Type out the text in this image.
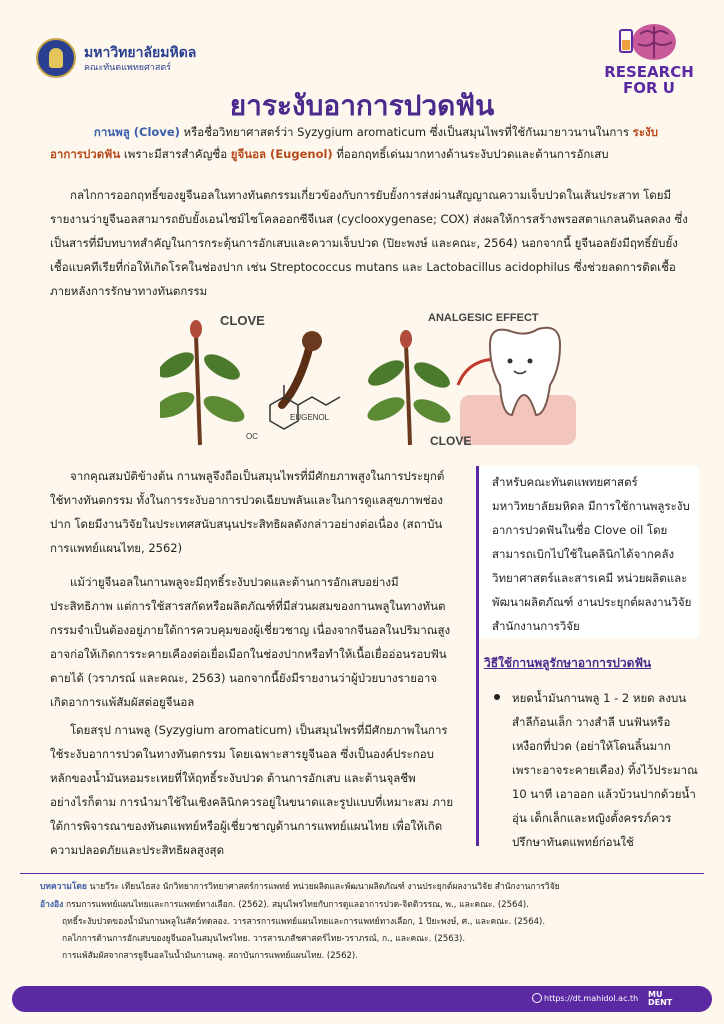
มหาวิทยาลัยมหิดล
คณะทันตแพทยศาสตร์	RESEARCH
FOR U
ยาระงับอาการปวดฟัน
กานพลู (Clove) หรือชื่อวิทยาศาสตร์ว่า Syzygium aromaticum ซึ่งเป็นสมุนไพรที่ใช้กันมายาวนานในการ ระงับอาการปวดฟัน เพราะมีสารสำคัญชื่อ ยูจีนอล (Eugenol) ที่ออกฤทธิ์เด่นมากทางด้านระงับปวดและต้านการอักเสบ
กลไกการออกฤทธิ์ของยูจีนอลในทางทันตกรรมเกี่ยวข้องกับการยับยั้งการส่งผ่านสัญญาณความเจ็บปวดในเส้นประสาท โดยมีรายงานว่ายูจีนอลสามารถยับยั้งเอนไซม์ไซโคลออกซีจีเนส (cyclooxygenase; COX) ส่งผลให้การสร้างพรอสตาแกลนดินลดลง ซึ่งเป็นสารที่มีบทบาทสำคัญในการกระตุ้นการอักเสบและความเจ็บปวด (ปิยะพงษ์ และคณะ, 2564) นอกจากนี้ ยูจีนอลยังมีฤทธิ์ยับยั้งเชื้อแบคทีเรียที่ก่อให้เกิดโรคในช่องปาก เช่น Streptococcus mutans และ Lactobacillus acidophilus ซึ่งช่วยลดการติดเชื้อภายหลังการรักษาทางทันตกรรม
CLOVE
EUGENOL
OC
ANALGESIC EFFECT
CLOVE
จากคุณสมบัติข้างต้น กานพลูจึงถือเป็นสมุนไพรที่มีศักยภาพสูงในการประยุกต์ใช้ทางทันตกรรม ทั้งในการระงับอาการปวดเฉียบพลันและในการดูแลสุขภาพช่องปาก โดยมีงานวิจัยในประเทศสนับสนุนประสิทธิผลดังกล่าวอย่างต่อเนื่อง (สถาบันการแพทย์แผนไทย, 2562)
แม้ว่ายูจีนอลในกานพลูจะมีฤทธิ์ระงับปวดและต้านการอักเสบอย่างมีประสิทธิภาพ แต่การใช้สารสกัดหรือผลิตภัณฑ์ที่มีส่วนผสมของกานพลูในทางทันตกรรมจำเป็นต้องอยู่ภายใต้การควบคุมของผู้เชี่ยวชาญ เนื่องจากจีนอลในปริมาณสูงอาจก่อให้เกิดการระคายเคืองต่อเยื่อเมือกในช่องปากหรือทำให้เนื้อเยื่ออ่อนรอบฟันตายได้ (วราภรณ์ และคณะ, 2563) นอกจากนี้ยังมีรายงานว่าผู้ป่วยบางรายอาจเกิดอาการแพ้สัมผัสต่อยูจีนอล
โดยสรุป กานพลู (Syzygium aromaticum) เป็นสมุนไพรที่มีศักยภาพในการใช้ระงับอาการปวดในทางทันตกรรม โดยเฉพาะสารยูจีนอล ซึ่งเป็นองค์ประกอบหลักของน้ำมันหอมระเหยที่ให้ฤทธิ์ระงับปวด ต้านการอักเสบ และต้านจุลชีพ อย่างไรก็ตาม การนำมาใช้ในเชิงคลินิกควรอยู่ในขนาดและรูปแบบที่เหมาะสม ภายใต้การพิจารณาของทันตแพทย์หรือผู้เชี่ยวชาญด้านการแพทย์แผนไทย เพื่อให้เกิดความปลอดภัยและประสิทธิผลสูงสุด
สำหรับคณะทันตแพทยศาสตร์ มหาวิทยาลัยมหิดล มีการใช้กานพลูระงับอาการปวดฟันในชื่อ Clove oil โดยสามารถเบิกไปใช้ในคลินิกได้จากคลังวิทยาศาสตร์และสารเคมี หน่วยผลิตและพัฒนาผลิตภัณฑ์ งานประยุกต์ผลงานวิจัย สำนักงานการวิจัย
วิธีใช้กานพลูรักษาอาการปวดฟัน
หยดน้ำมันกานพลู 1 - 2 หยด ลงบนสำลีก้อนเล็ก วางสำลี บนฟันหรือเหงือกที่ปวด (อย่าให้โดนลิ้นมาก เพราะอาจระคายเคือง) ทิ้งไว้ประมาณ 10 นาที เอาออก แล้วบ้วนปากด้วยน้ำอุ่น เด็กเล็กและหญิงตั้งครรภ์ควรปรึกษาทันตแพทย์ก่อนใช้
บทความโดย นายวีระ เทียนไธสง นักวิทยาการวิทยาศาสตร์การแพทย์ หน่วยผลิตและพัฒนาผลิตภัณฑ์ งานประยุกต์ผลงานวิจัย สำนักงานการวิจัย
อ้างอิง กรมการแพทย์แผนไทยและการแพทย์ทางเลือก. (2562). สมุนไพรไทยกับการดูแลอาการปวด-จิตติวรรณ, พ., และคณะ. (2564).
ฤทธิ์ระงับปวดของน้ำมันกานพลูในสัตว์ทดลอง. วารสารการแพทย์แผนไทยและการแพทย์ทางเลือก, 1 ปิยะพงษ์, ศ., และคณะ. (2564).
กลไกการต้านการอักเสบของยูจีนอลในสมุนไพรไทย. วารสารเภสัชศาสตร์ไทย-วราภรณ์, ก., และคณะ. (2563).
การแพ้สัมผัสจากสารยูจีนอลในน้ำมันกานพลู. สถาบันการแพทย์แผนไทย. (2562).
https://dt.mahidol.ac.th MU
DENT
